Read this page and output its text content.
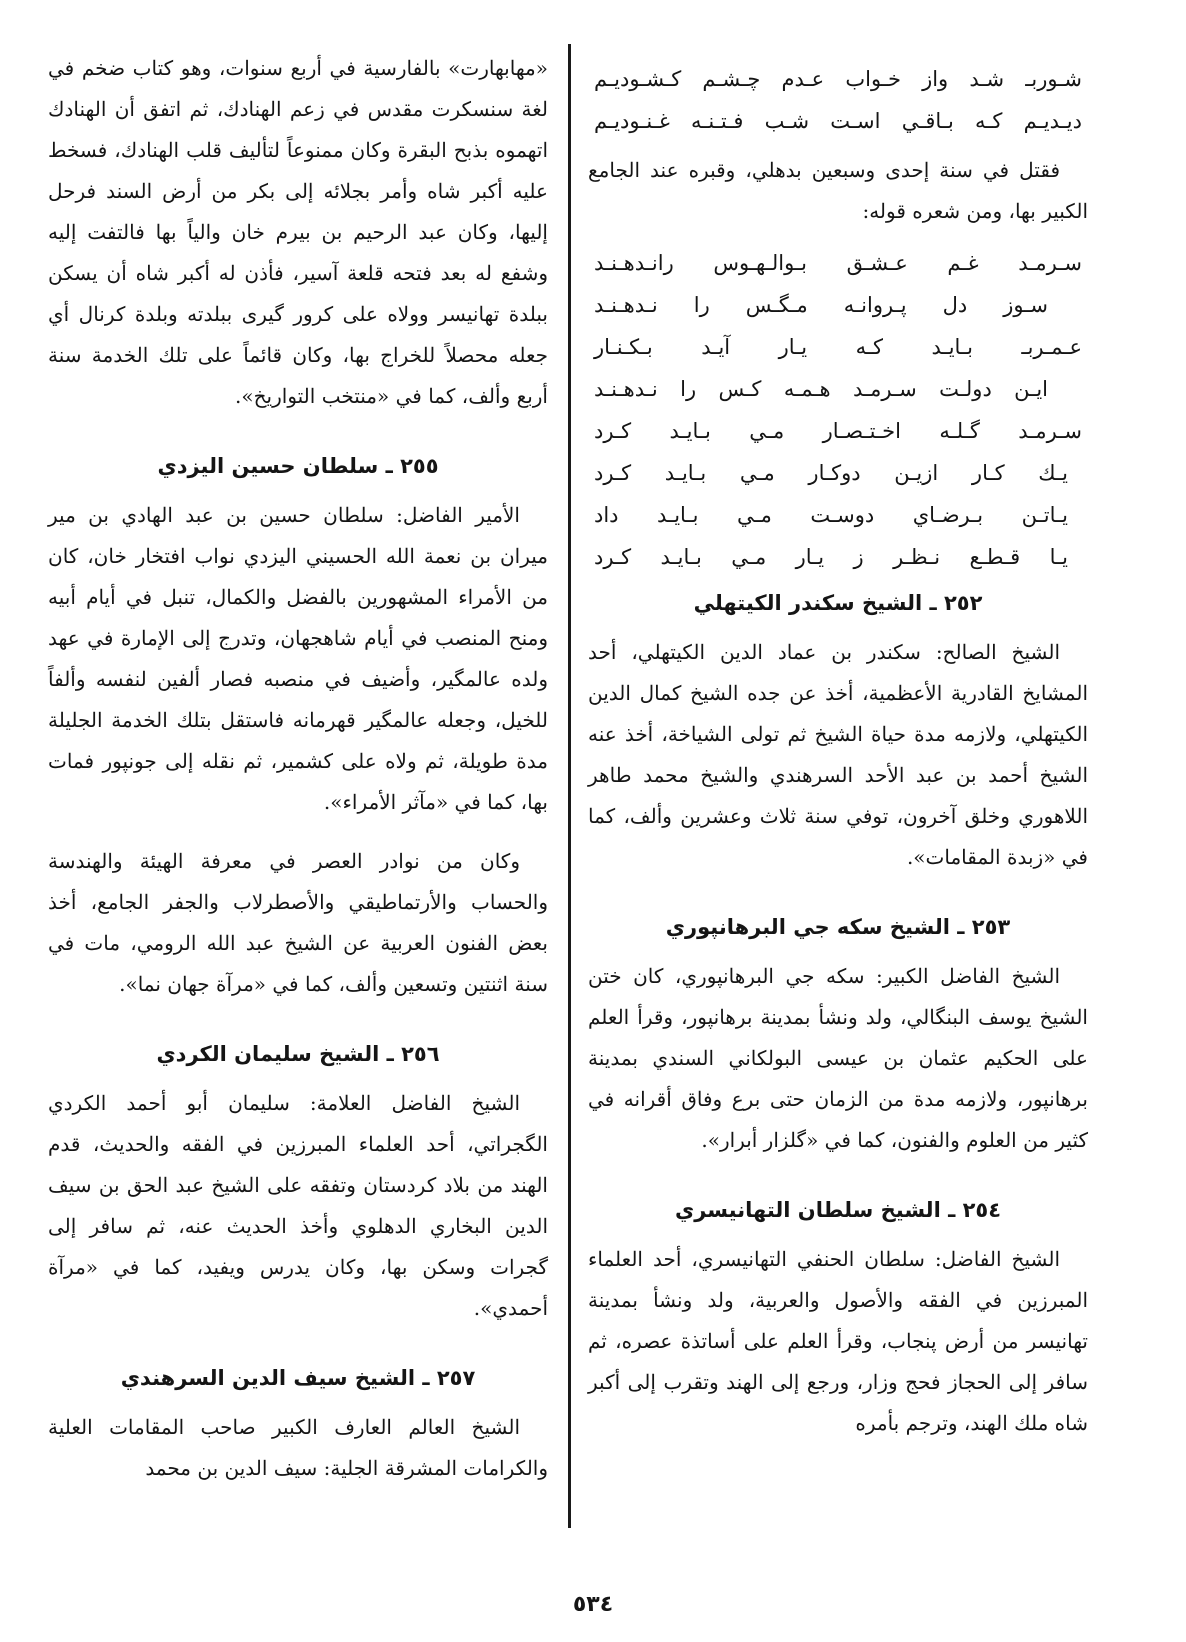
شـوربـ شـد واز خـواب عـدم چـشـم كـشـوديـم

ديـديـم كـه بـاقـي اسـت شـب فـتـنـه غـنـوديـم

فقتل في سنة إحدى وسبعين بدهلي، وقبره عند الجامع الكبير بها، ومن شعره قوله:

سـرمـد غـم عـشـق بـوالـهـوس رانـدهـنـد

سـوز دل پـروانـه مـگـس را نـدهـنـد

عـمـربـ بـايـد كـه يـار آيـد بـكـنـار

ايـن دولـت سـرمـد هـمـه كـس را نـدهـنـد

سـرمـد گـلـه اخـتـصـار مـي بـايـد كـرد

يـك كـار ازيـن دوكـار مـي بـايـد كـرد

يـاتـن بـرضـاي دوسـت مـي بـايـد داد

يـا قـطـع نـظـر ز يـار مـي بـايـد كـرد

٢٥٢ ـ الشيخ سكندر الكيتهلي

الشيخ الصالح: سكندر بن عماد الدين الكيتهلي، أحد المشايخ القادرية الأعظمية، أخذ عن جده الشيخ كمال الدين الكيتهلي، ولازمه مدة حياة الشيخ ثم تولى الشياخة، أخذ عنه الشيخ أحمد بن عبد الأحد السرهندي والشيخ محمد طاهر اللاهوري وخلق آخرون، توفي سنة ثلاث وعشرين وألف، كما في «زبدة المقامات».

٢٥٣ ـ الشيخ سكه جي البرهانپوري

الشيخ الفاضل الكبير: سكه جي البرهانپوري، كان ختن الشيخ يوسف البنگالي، ولد ونشأ بمدينة برهانپور، وقرأ العلم على الحكيم عثمان بن عيسى البولكاني السندي بمدينة برهانپور، ولازمه مدة من الزمان حتى برع وفاق أقرانه في كثير من العلوم والفنون، كما في «گلزار أبرار».

٢٥٤ ـ الشيخ سلطان التهانيسري

الشيخ الفاضل: سلطان الحنفي التهانيسري، أحد العلماء المبرزين في الفقه والأصول والعربية، ولد ونشأ بمدينة تهانيسر من أرض پنجاب، وقرأ العلم على أساتذة عصره، ثم سافر إلى الحجاز فحج وزار، ورجع إلى الهند وتقرب إلى أكبر شاه ملك الهند، وترجم بأمره

«مهابهارت» بالفارسية في أربع سنوات، وهو كتاب ضخم في لغة سنسكرت مقدس في زعم الهنادك، ثم اتفق أن الهنادك اتهموه بذبح البقرة وكان ممنوعاً لتأليف قلب الهنادك، فسخط عليه أكبر شاه وأمر بجلائه إلى بكر من أرض السند فرحل إليها، وكان عبد الرحيم بن بيرم خان والياً بها فالتفت إليه وشفع له بعد فتحه قلعة آسير، فأذن له أكبر شاه أن يسكن ببلدة تهانيسر وولاه على كرور گيرى ببلدته وبلدة كرنال أي جعله محصلاً للخراج بها، وكان قائماً على تلك الخدمة سنة أربع وألف، كما في «منتخب التواريخ».

٢٥٥ ـ سلطان حسين اليزدي

الأمير الفاضل: سلطان حسين بن عبد الهادي بن مير ميران بن نعمة الله الحسيني اليزدي نواب افتخار خان، كان من الأمراء المشهورين بالفضل والكمال، تنبل في أيام أبيه ومنح المنصب في أيام شاهجهان، وتدرج إلى الإمارة في عهد ولده عالمگير، وأضيف في منصبه فصار ألفين لنفسه وألفاً للخيل، وجعله عالمگير قهرمانه فاستقل بتلك الخدمة الجليلة مدة طويلة، ثم ولاه على كشمير، ثم نقله إلى جونپور فمات بها، كما في «مآثر الأمراء».

وكان من نوادر العصر في معرفة الهيئة والهندسة والحساب والأرتماطيقي والأصطرلاب والجفر الجامع، أخذ بعض الفنون العربية عن الشيخ عبد الله الرومي، مات في سنة اثنتين وتسعين وألف، كما في «مرآة جهان نما».

٢٥٦ ـ الشيخ سليمان الكردي

الشيخ الفاضل العلامة: سليمان أبو أحمد الكردي الگجراتي، أحد العلماء المبرزين في الفقه والحديث، قدم الهند من بلاد كردستان وتفقه على الشيخ عبد الحق بن سيف الدين البخاري الدهلوي وأخذ الحديث عنه، ثم سافر إلى گجرات وسكن بها، وكان يدرس ويفيد، كما في «مرآة أحمدي».

٢٥٧ ـ الشيخ سيف الدين السرهندي

الشيخ العالم العارف الكبير صاحب المقامات العلية والكرامات المشرقة الجلية: سيف الدين بن محمد

٥٣٤
